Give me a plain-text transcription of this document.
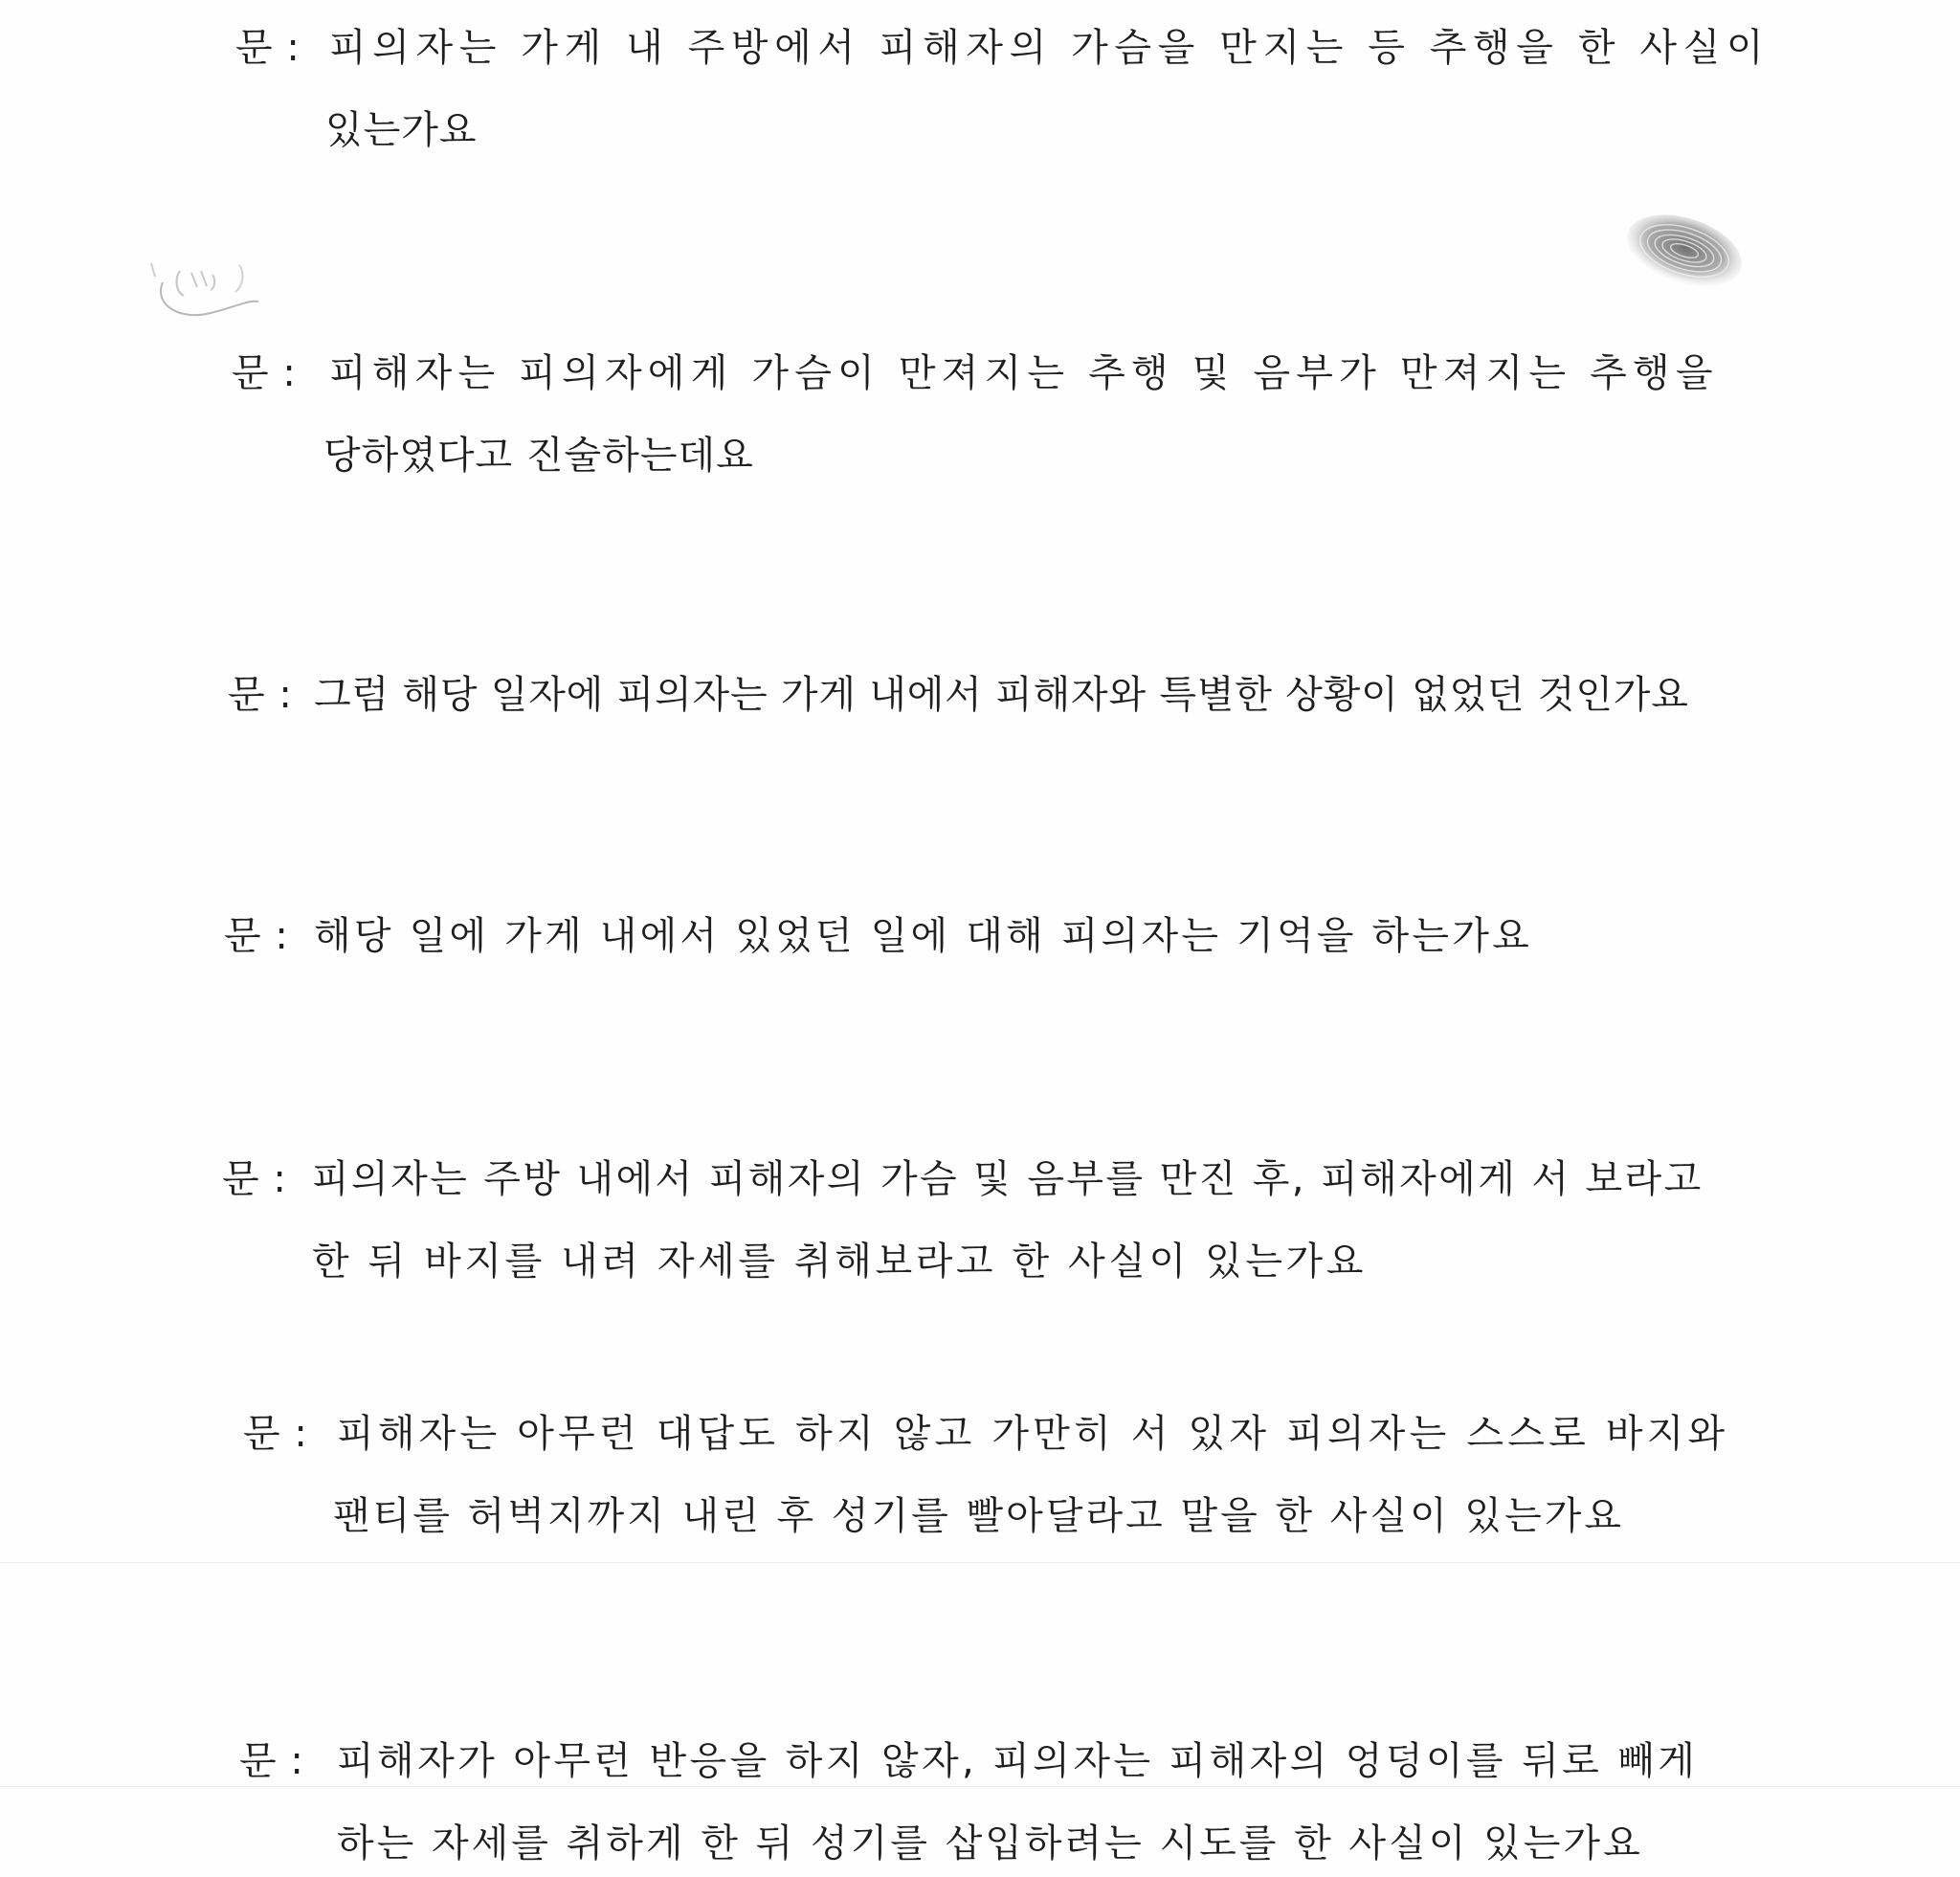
문 : 피의자는 가게 내 주방에서 피해자의 가슴을 만지는 등 추행을 한 사실이
있는가요
문 : 피해자는 피의자에게 가슴이 만져지는 추행 및 음부가 만져지는 추행을
당하였다고 진술하는데요
문 : 그럼 해당 일자에 피의자는 가게 내에서 피해자와 특별한 상황이 없었던 것인가요
문 : 해당 일에 가게 내에서 있었던 일에 대해 피의자는 기억을 하는가요
문 : 피의자는 주방 내에서 피해자의 가슴 및 음부를 만진 후, 피해자에게 서 보라고
한 뒤 바지를 내려 자세를 취해보라고 한 사실이 있는가요
문 : 피해자는 아무런 대답도 하지 않고 가만히 서 있자 피의자는 스스로 바지와
팬티를 허벅지까지 내린 후 성기를 빨아달라고 말을 한 사실이 있는가요
문 : 피해자가 아무런 반응을 하지 않자, 피의자는 피해자의 엉덩이를 뒤로 빼게
하는 자세를 취하게 한 뒤 성기를 삽입하려는 시도를 한 사실이 있는가요
